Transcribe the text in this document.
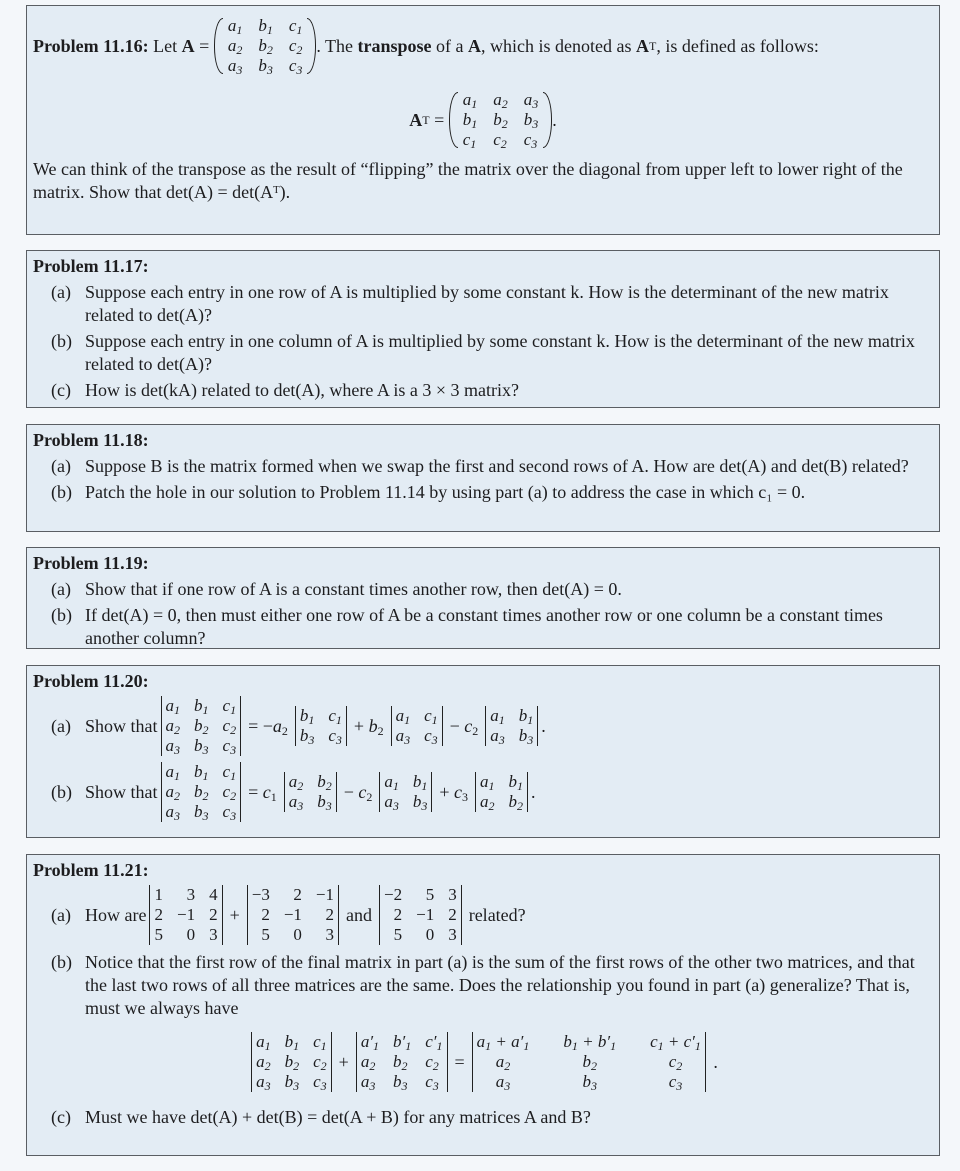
Problem 11.16:
Let
A =
$a_1$ $b_1$ $c_1$
$a_2$ $b_2$ $c_2$
$a_3$ $b_3$ $c_3$
. The
transpose
of a
A , which is denoted as
A T , is defined as follows:
A T =
$a_1$ $a_2$ $a_3$
$b_1$ $b_2$ $b_3$
$c_1$ $c_2$ $c_3$
.
We can think of the transpose as the result of “flipping” the matrix over the diagonal from upper left to lower right of the matrix. Show that det(A) = det(Aᵀ).
Problem 11.17:
(a) Suppose each entry in one row of A is multiplied by some constant k. How is the determinant of the new matrix related to det(A)?
(b) Suppose each entry in one column of A is multiplied by some constant k. How is the determinant of the new matrix related to det(A)?
(c) How is det(kA) related to det(A), where A is a 3 × 3 matrix?
Problem 11.18:
(a) Suppose B is the matrix formed when we swap the first and second rows of A. How are det(A) and det(B) related?
(b) Patch the hole in our solution to Problem 11.14 by using part (a) to address the case in which c₁ = 0.
Problem 11.19:
(a) Show that if one row of A is a constant times another row, then det(A) = 0.
(b) If det(A) = 0, then must either one row of A be a constant times another row or one column be a constant times another column?
Problem 11.20:
(a) Show that
$a_1$ $b_1$ $c_1$
$a_2$ $b_2$ $c_2$
$a_3$ $b_3$ $c_3$
= $-a_2$
$b_1$ $c_1$
$b_3$ $c_3$
+ $b_2$
$a_1$ $c_1$
$a_3$ $c_3$
− $c_2$
$a_1$ $b_1$
$a_3$ $b_3$
.
(b) Show that
$a_1$ $b_1$ $c_1$
$a_2$ $b_2$ $c_2$
$a_3$ $b_3$ $c_3$
= $c_1$
$a_2$ $b_2$
$a_3$ $b_3$
− $c_2$
$a_1$ $b_1$
$a_3$ $b_3$
+ $c_3$
$a_1$ $b_1$
$a_2$ $b_2$
.
Problem 11.21:
(a) How are
1	3 4
2 −1 2
5	0 3
+
−3	2 −1
2 −1	2
5	0	3
and
−2	5 3
2 −1 2
5	0 3
related?
(b) Notice that the first row of the final matrix in part (a) is the sum of the first rows of the other two matrices, and that the last two rows of all three matrices are the same. Does the relationship you found in part (a) generalize? That is, must we always have
$a_1$ $b_1$ $c_1$
$a_2$ $b_2$ $c_2$
$a_3$ $b_3$ $c_3$
+
$a'_1$ $b'_1$ $c'_1$
$a_2$ $b_2$ $c_2$
$a_3$ $b_3$ $c_3$
=
$a_1 + a'_1$ $b_1 + b'_1$ $c_1 + c'_1$
$a_2$	$b_2$	$c_2$
$a_3$	$b_3$	$c_3$
.
(c) Must we have det(A) + det(B) = det(A + B) for any matrices A and B?
